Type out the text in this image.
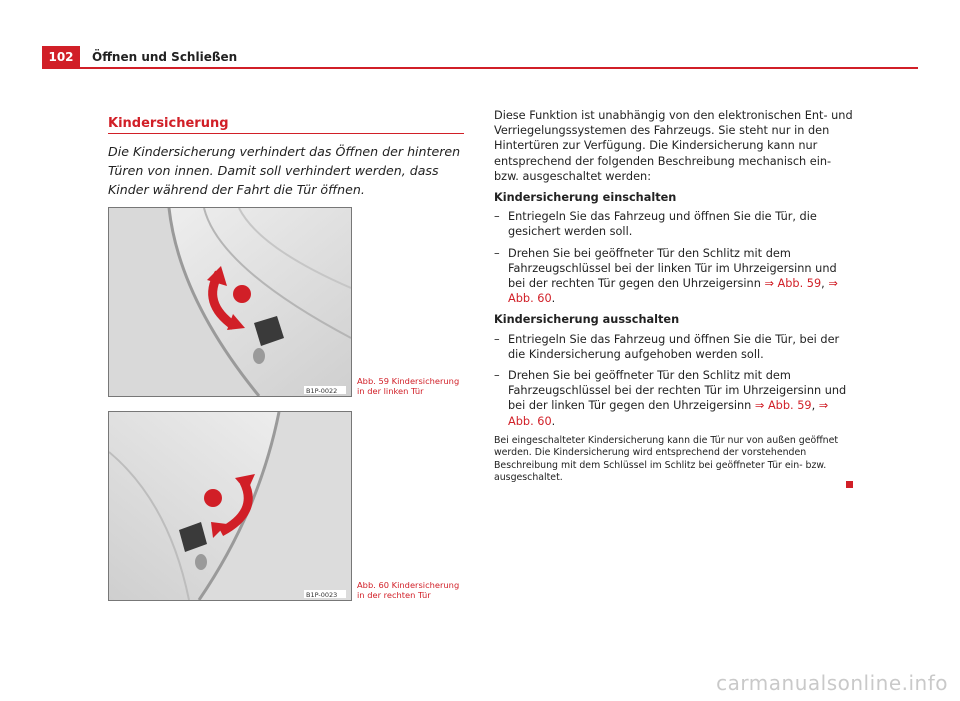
102	Öffnen und Schließen
Kindersicherung
Die Kindersicherung verhindert das Öffnen der hinteren Türen von innen. Damit soll verhindert werden, dass Kinder während der Fahrt die Tür öffnen.
B1P-0022
Abb. 59 Kindersicherung in der linken Tür
B1P-0023
Abb. 60 Kindersicherung in der rechten Tür

Diese Funktion ist unabhängig von den elektronischen Ent- und Verriegelungssystemen des Fahrzeugs. Sie steht nur in den Hintertüren zur Verfügung. Die Kindersicherung kann nur entsprechend der folgenden Beschreibung mechanisch ein- bzw. ausgeschaltet werden:

Kindersicherung einschalten

– Entriegeln Sie das Fahrzeug und öffnen Sie die Tür, die gesichert werden soll.
– Drehen Sie bei geöffneter Tür den Schlitz mit dem Fahrzeugschlüssel bei der linken Tür im Uhrzeigersinn und bei der rechten Tür gegen den Uhrzeigersinn ⇒ Abb. 59, ⇒ Abb. 60.

Kindersicherung ausschalten

– Entriegeln Sie das Fahrzeug und öffnen Sie die Tür, bei der die Kindersicherung aufgehoben werden soll.
– Drehen Sie bei geöffneter Tür den Schlitz mit dem Fahrzeugschlüssel bei der rechten Tür im Uhrzeigersinn und bei der linken Tür gegen den Uhrzeigersinn ⇒ Abb. 59, ⇒ Abb. 60.

Bei eingeschalteter Kindersicherung kann die Tür nur von außen geöffnet werden. Die Kindersicherung wird entsprechend der vorstehenden Beschreibung mit dem Schlüssel im Schlitz bei geöffneter Tür ein- bzw. ausgeschaltet.

carmanualsonline.info
